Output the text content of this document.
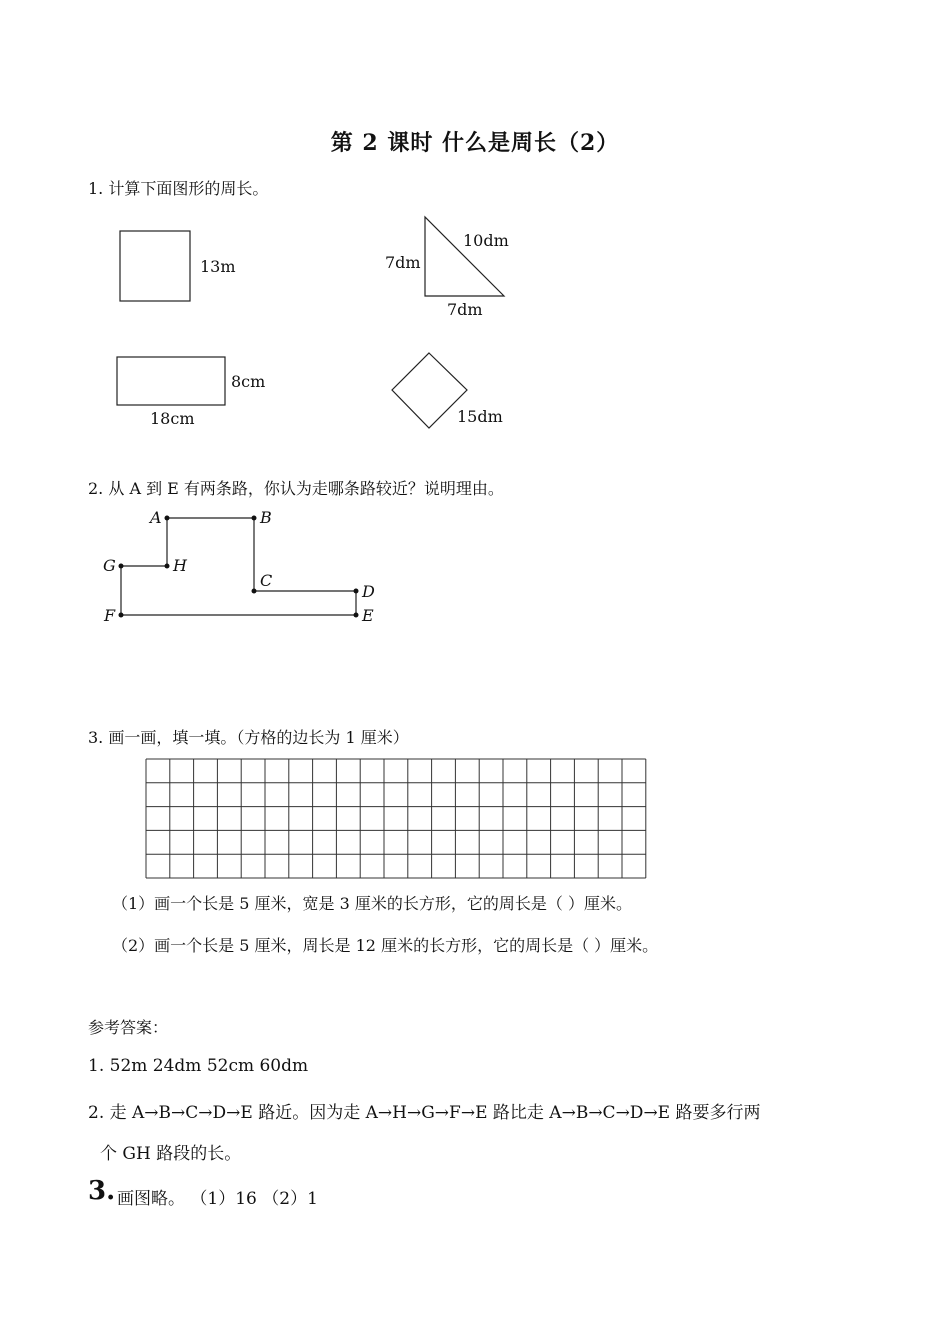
第 2 课时 什么是周长（2）
1. 计算下面图形的周长。
13m
10dm
7dm
7dm
8cm
18cm	15dm
A	B
C
D
E
F
G	H
2. 从 A 到 E 有两条路，你认为走哪条路较近？说明理由。
3. 画一画，填一填。（方格的边长为 1 厘米）
（1）画一个长是 5 厘米，宽是 3 厘米的长方形，它的周长是（ ）厘米。
（2）画一个长是 5 厘米，周长是 12 厘米的长方形，它的周长是（ ）厘米。
参考答案：
1. 52m 24dm 52cm 60dm
2. 走 A→B→C→D→E 路近。因为走 A→H→G→F→E 路比走 A→B→C→D→E 路要多行两
个 GH 路段的长。
3. 画图略。 （1）16 （2）1
